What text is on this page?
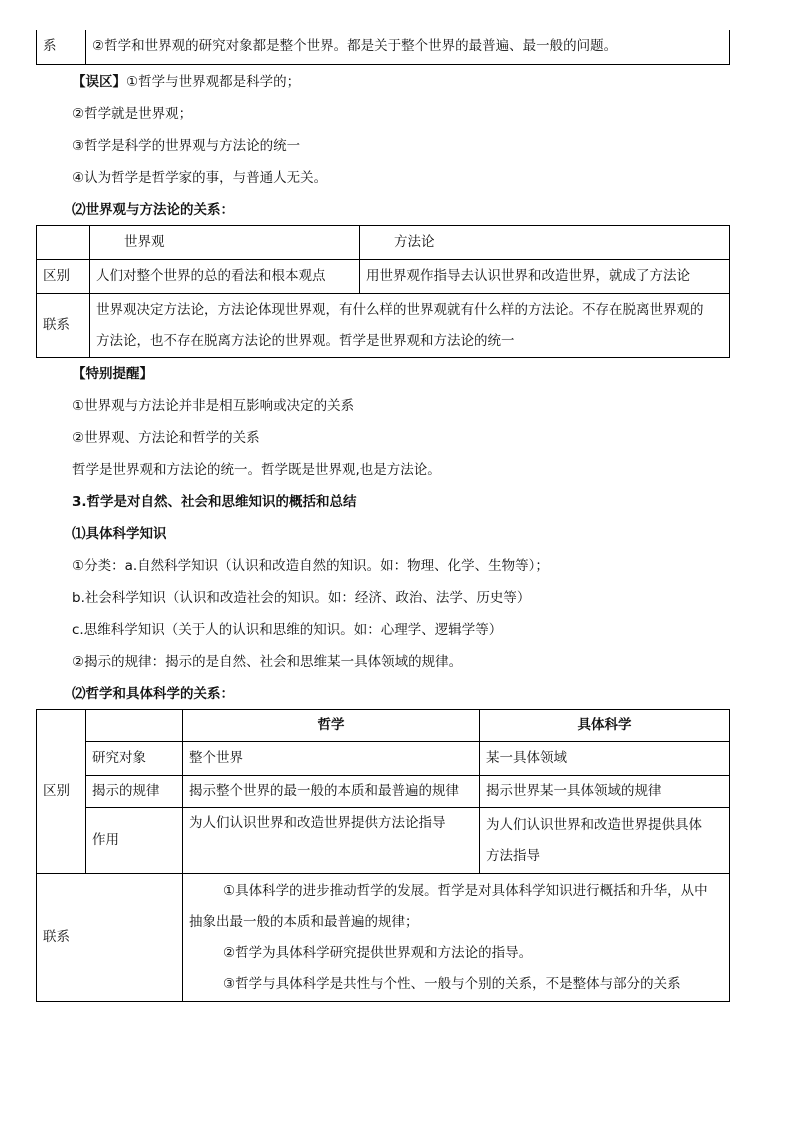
系	②哲学和世界观的研究对象都是整个世界。都是关于整个世界的最普遍、最一般的问题。
【误区】①哲学与世界观都是科学的；
②哲学就是世界观；
③哲学是科学的世界观与方法论的统一
④认为哲学是哲学家的事，与普通人无关。
⑵世界观与方法论的关系：
	世界观	方法论
区别	人们对整个世界的总的看法和根本观点	用世界观作指导去认识世界和改造世界，就成了方法论
联系	世界观决定方法论，方法论体现世界观，有什么样的世界观就有什么样的方法论。不存在脱离世界观的
方法论，也不存在脱离方法论的世界观。哲学是世界观和方法论的统一	
【特别提醒】
①世界观与方法论并非是相互影响或决定的关系
②世界观、方法论和哲学的关系
哲学是世界观和方法论的统一。哲学既是世界观,也是方法论。
3.哲学是对自然、社会和思维知识的概括和总结
⑴具体科学知识
①分类：a.自然科学知识（认识和改造自然的知识。如：物理、化学、生物等）；
b.社会科学知识（认识和改造社会的知识。如：经济、政治、法学、历史等）
c.思维科学知识（关于人的认识和思维的知识。如：心理学、逻辑学等）
②揭示的规律：揭示的是自然、社会和思维某一具体领域的规律。
⑵哲学和具体科学的关系：
区别		哲学	具体科学
	研究对象	整个世界	某一具体领域
	揭示的规律	揭示整个世界的最一般的本质和最普遍的规律	揭示世界某一具体领域的规律
	作用	为人们认识世界和改造世界提供方法论指导	为人们认识世界和改造世界提供具体
方法指导

联系		①具体科学的进步推动哲学的发展。哲学是对具体科学知识进行概括和升华，从中
抽象出最一般的本质和最普遍的规律；
②哲学为具体科学研究提供世界观和方法论的指导。
③哲学与具体科学是共性与个性、一般与个别的关系，不是整体与部分的关系	
